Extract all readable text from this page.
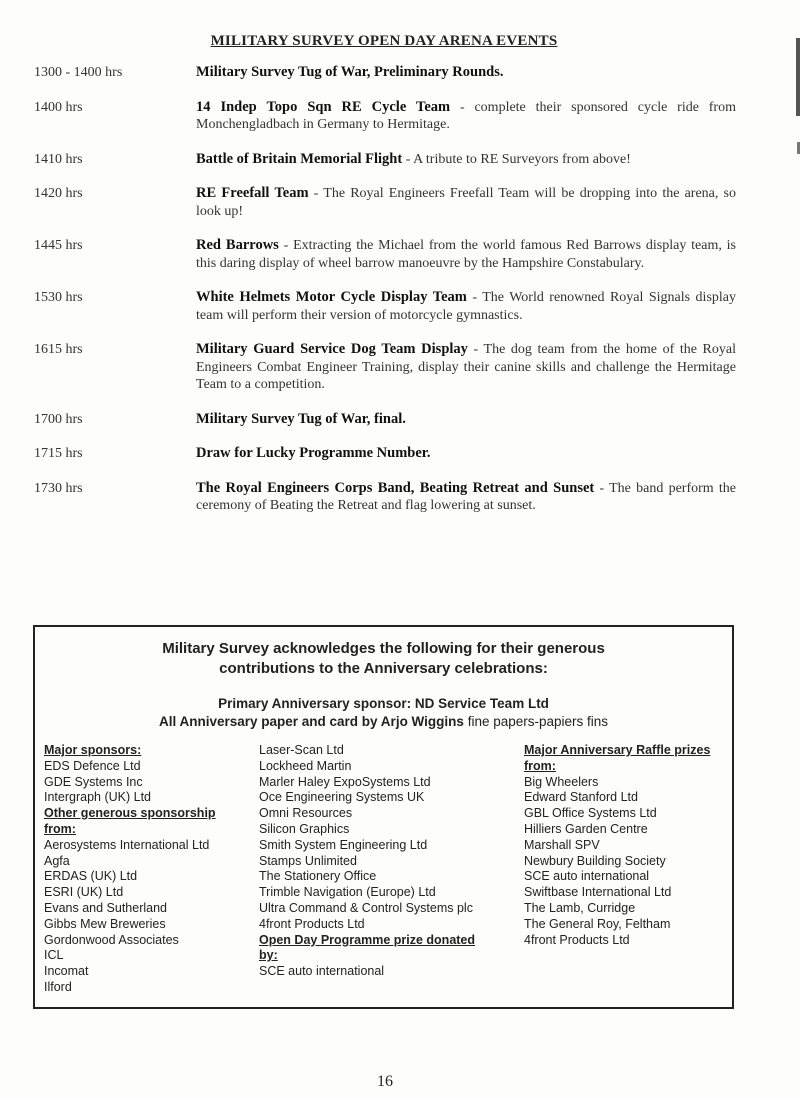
MILITARY SURVEY OPEN DAY ARENA EVENTS
1300 - 1400 hrs	Military Survey Tug of War, Preliminary Rounds.
1400 hrs	14 Indep Topo Sqn RE Cycle Team - complete their sponsored cycle ride from Monchengladbach in Germany to Hermitage.
1410 hrs	Battle of Britain Memorial Flight - A tribute to RE Surveyors from above!
1420 hrs	RE Freefall Team - The Royal Engineers Freefall Team will be dropping into the arena, so look up!
1445 hrs	Red Barrows - Extracting the Michael from the world famous Red Barrows display team, is this daring display of wheel barrow manoeuvre by the Hampshire Constabulary.
1530 hrs	White Helmets Motor Cycle Display Team - The World renowned Royal Signals display team will perform their version of motorcycle gymnastics.
1615 hrs	Military Guard Service Dog Team Display - The dog team from the home of the Royal Engineers Combat Engineer Training, display their canine skills and challenge the Hermitage Team to a competition.
1700 hrs	Military Survey Tug of War, final.
1715 hrs	Draw for Lucky Programme Number.
1730 hrs	The Royal Engineers Corps Band, Beating Retreat and Sunset - The band perform the ceremony of Beating the Retreat and flag lowering at sunset.
Military Survey acknowledges the following for their generous
contributions to the Anniversary celebrations:
Primary Anniversary sponsor: ND Service Team Ltd
All Anniversary paper and card by Arjo Wiggins fine papers-papiers fins
Major sponsors:
EDS Defence Ltd
GDE Systems Inc
Intergraph (UK) Ltd
Other generous sponsorship
from:
Aerosystems International Ltd
Agfa
ERDAS (UK) Ltd
ESRI (UK) Ltd
Evans and Sutherland
Gibbs Mew Breweries
Gordonwood Associates
ICL
Incomat
Ilford
Laser-Scan Ltd
Lockheed Martin
Marler Haley ExpoSystems Ltd
Oce Engineering Systems UK
Omni Resources
Silicon Graphics
Smith System Engineering Ltd
Stamps Unlimited
The Stationery Office
Trimble Navigation (Europe) Ltd
Ultra Command & Control Systems plc
4front Products Ltd
Open Day Programme prize donated
by:
SCE auto international
Major Anniversary Raffle prizes
from:
Big Wheelers
Edward Stanford Ltd
GBL Office Systems Ltd
Hilliers Garden Centre
Marshall SPV
Newbury Building Society
SCE auto international
Swiftbase International Ltd
The Lamb, Curridge
The General Roy, Feltham
4front Products Ltd
16
